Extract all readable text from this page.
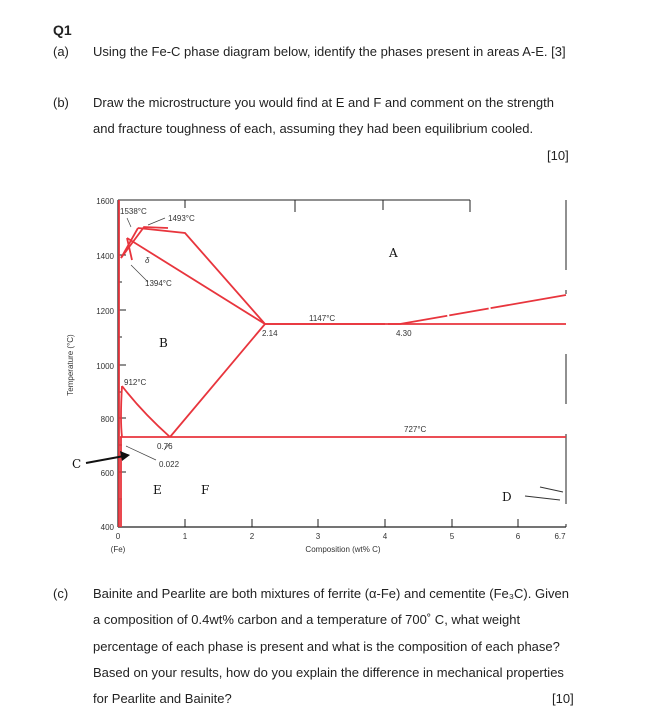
Q1
(a) Using the Fe-C phase diagram below, identify the phases present in areas A-E. [3]
(b) Draw the microstructure you would find at E and F and comment on the strength
and fracture toughness of each, assuming they had been equilibrium cooled.
[10]
(c) Bainite and Pearlite are both mixtures of ferrite (α-Fe) and cementite (Fe₃C). Given
a composition of 0.4wt% carbon and a temperature of 700˚ C, what weight
percentage of each phase is present and what is the composition of each phase?
Based on your results, how do you explain the difference in mechanical properties
for Pearlite and Bainite?	[10]
1600
1400
1200
1000
800
600
400
0	1	2	3	4	5	6	6.7
(Fe)	Composition (wt% C)
Temperature (°C)
1538°C
1493°C
δ
1394°C
1147°C
2.14	4.30
912°C
727°C
0.76
0.022
A
B
C
D
E	F
